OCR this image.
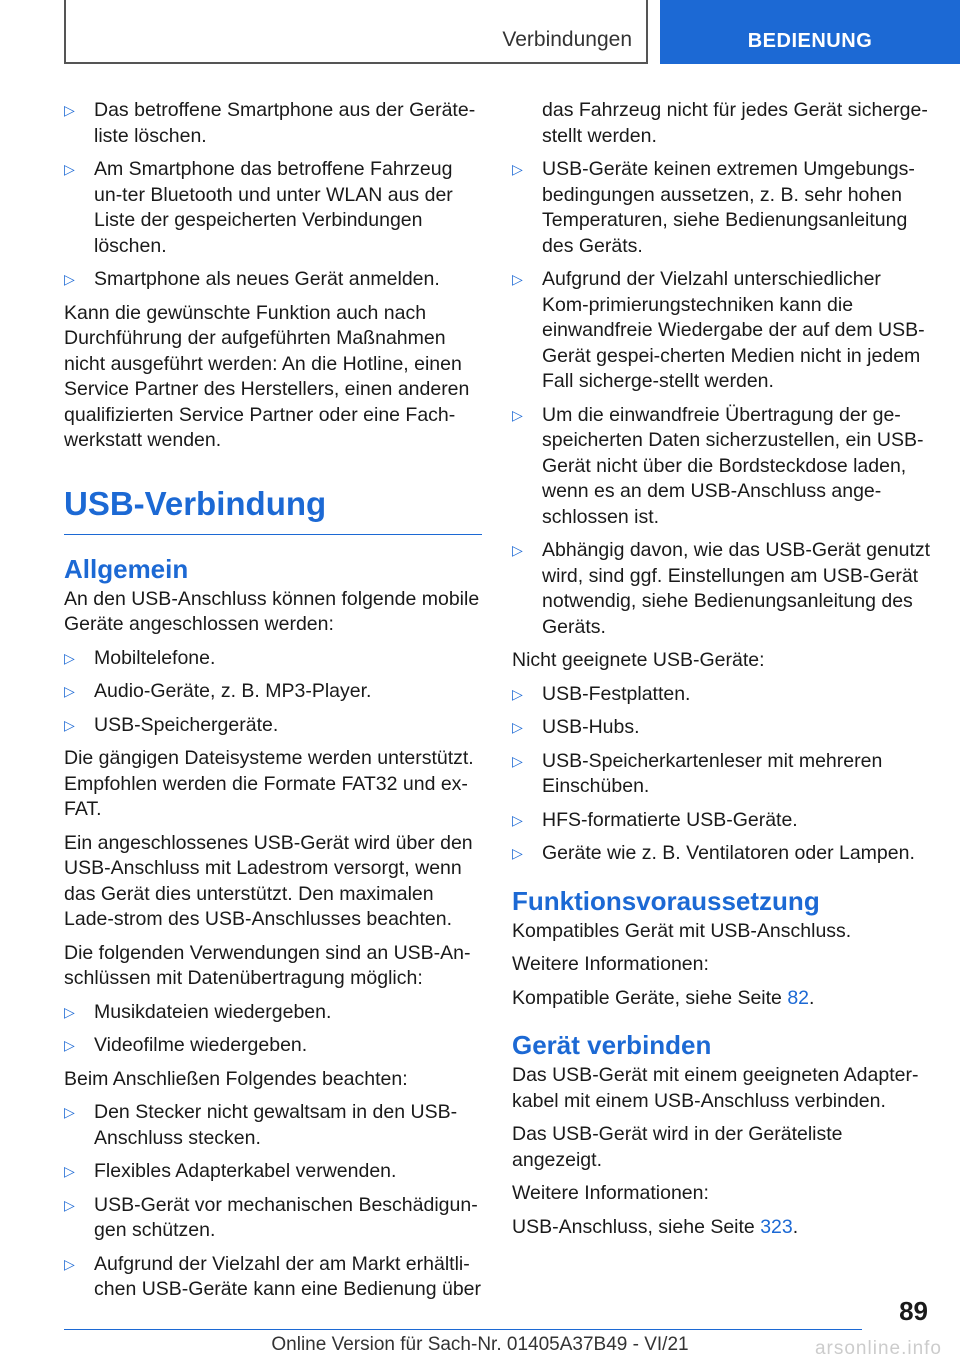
Verbindungen	BEDIENUNG
▷ Das betroffene Smartphone aus der Geräte-liste löschen.
▷ Am Smartphone das betroffene Fahrzeug un-ter Bluetooth und unter WLAN aus der Liste der gespeicherten Verbindungen löschen.
▷ Smartphone als neues Gerät anmelden.

Kann die gewünschte Funktion auch nach Durchführung der aufgeführten Maßnahmen nicht ausgeführt werden: An die Hotline, einen Service Partner des Herstellers, einen anderen qualifizierten Service Partner oder eine Fach-werkstatt wenden.

USB-Verbindung
Allgemein

An den USB-Anschluss können folgende mobile Geräte angeschlossen werden:

▷ Mobiltelefone.
▷ Audio-Geräte, z. B. MP3-Player.
▷ USB-Speichergeräte.

Die gängigen Dateisysteme werden unterstützt. Empfohlen werden die Formate FAT32 und ex-FAT.

Ein angeschlossenes USB-Gerät wird über den USB-Anschluss mit Ladestrom versorgt, wenn das Gerät dies unterstützt. Den maximalen Lade-strom des USB-Anschlusses beachten.

Die folgenden Verwendungen sind an USB-An-schlüssen mit Datenübertragung möglich:

▷ Musikdateien wiedergeben.
▷ Videofilme wiedergeben.

Beim Anschließen Folgendes beachten:

▷ Den Stecker nicht gewaltsam in den USB-Anschluss stecken.
▷ Flexibles Adapterkabel verwenden.
▷ USB-Gerät vor mechanischen Beschädigun-gen schützen.
▷ Aufgrund der Vielzahl der am Markt erhältli-chen USB-Geräte kann eine Bedienung über
das Fahrzeug nicht für jedes Gerät sicherge-stellt werden.
▷ USB-Geräte keinen extremen Umgebungs-bedingungen aussetzen, z. B. sehr hohen Temperaturen, siehe Bedienungsanleitung des Geräts.
▷ Aufgrund der Vielzahl unterschiedlicher Kom-primierungstechniken kann die einwandfreie Wiedergabe der auf dem USB-Gerät gespei-cherten Medien nicht in jedem Fall sicherge-stellt werden.
▷ Um die einwandfreie Übertragung der ge-speicherten Daten sicherzustellen, ein USB-Gerät nicht über die Bordsteckdose laden, wenn es an dem USB-Anschluss ange-schlossen ist.
▷ Abhängig davon, wie das USB-Gerät genutzt wird, sind ggf. Einstellungen am USB-Gerät notwendig, siehe Bedienungsanleitung des Geräts.

Nicht geeignete USB-Geräte:

▷ USB-Festplatten.
▷ USB-Hubs.
▷ USB-Speicherkartenleser mit mehreren Einschüben.
▷ HFS-formatierte USB-Geräte.
▷ Geräte wie z. B. Ventilatoren oder Lampen.
Funktionsvoraussetzung

Kompatibles Gerät mit USB-Anschluss.

Weitere Informationen:

Kompatible Geräte, siehe Seite 82.

Gerät verbinden

Das USB-Gerät mit einem geeigneten Adapter-kabel mit einem USB-Anschluss verbinden.

Das USB-Gerät wird in der Geräteliste angezeigt.

Weitere Informationen:

USB-Anschluss, siehe Seite 323.

89
Online Version für Sach-Nr. 01405A37B49 - VI/21	arsonline.info
